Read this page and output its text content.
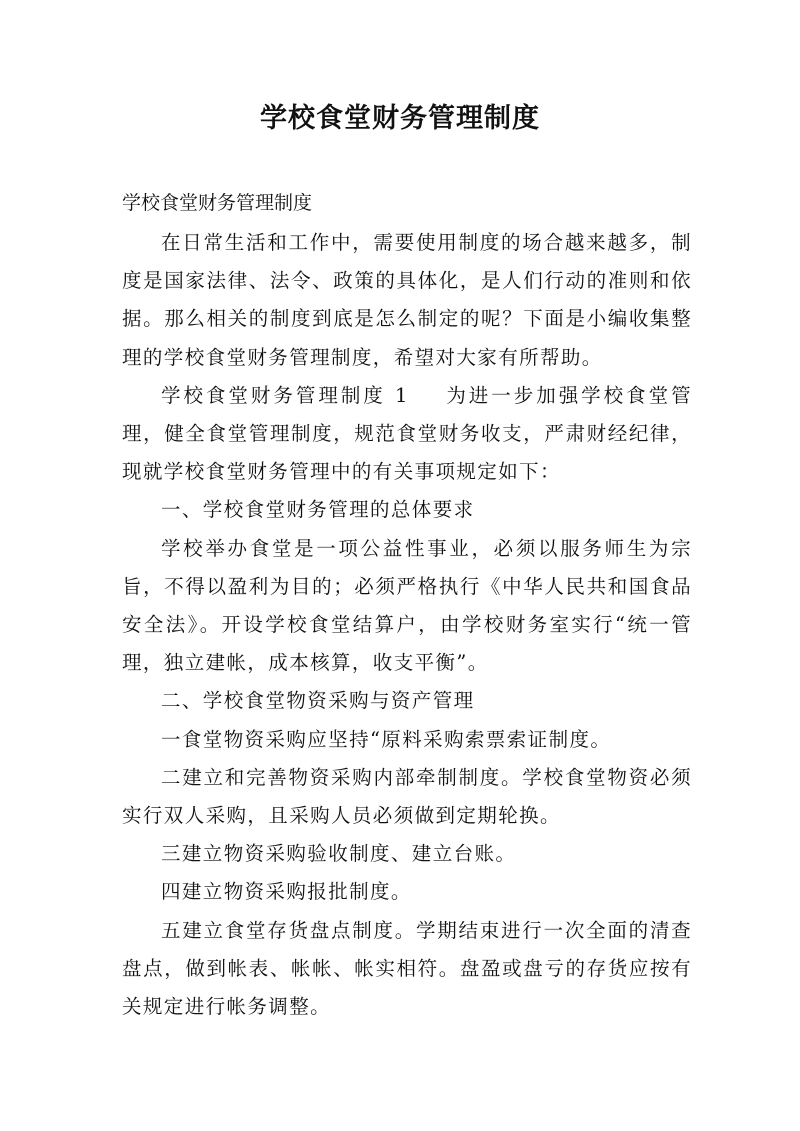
学校食堂财务管理制度
学校食堂财务管理制度

在日常生活和工作中，需要使用制度的场合越来越多，制度是国家法律、法令、政策的具体化，是人们行动的准则和依据。那么相关的制度到底是怎么制定的呢？下面是小编收集整理的学校食堂财务管理制度，希望对大家有所帮助。

学校食堂财务管理制度 1 为进一步加强学校食堂管理，健全食堂管理制度，规范食堂财务收支，严肃财经纪律，现就学校食堂财务管理中的有关事项规定如下：

一、学校食堂财务管理的总体要求

学校举办食堂是一项公益性事业，必须以服务师生为宗旨，不得以盈利为目的；必须严格执行《中华人民共和国食品安全法》。开设学校食堂结算户，由学校财务室实行“统一管理，独立建帐，成本核算，收支平衡”。

二、学校食堂物资采购与资产管理

一食堂物资采购应坚持“原料采购索票索证制度。

二建立和完善物资采购内部牵制制度。学校食堂物资必须实行双人采购，且采购人员必须做到定期轮换。

三建立物资采购验收制度、建立台账。

四建立物资采购报批制度。

五建立食堂存货盘点制度。学期结束进行一次全面的清查盘点，做到帐表、帐帐、帐实相符。盘盈或盘亏的存货应按有关规定进行帐务调整。
